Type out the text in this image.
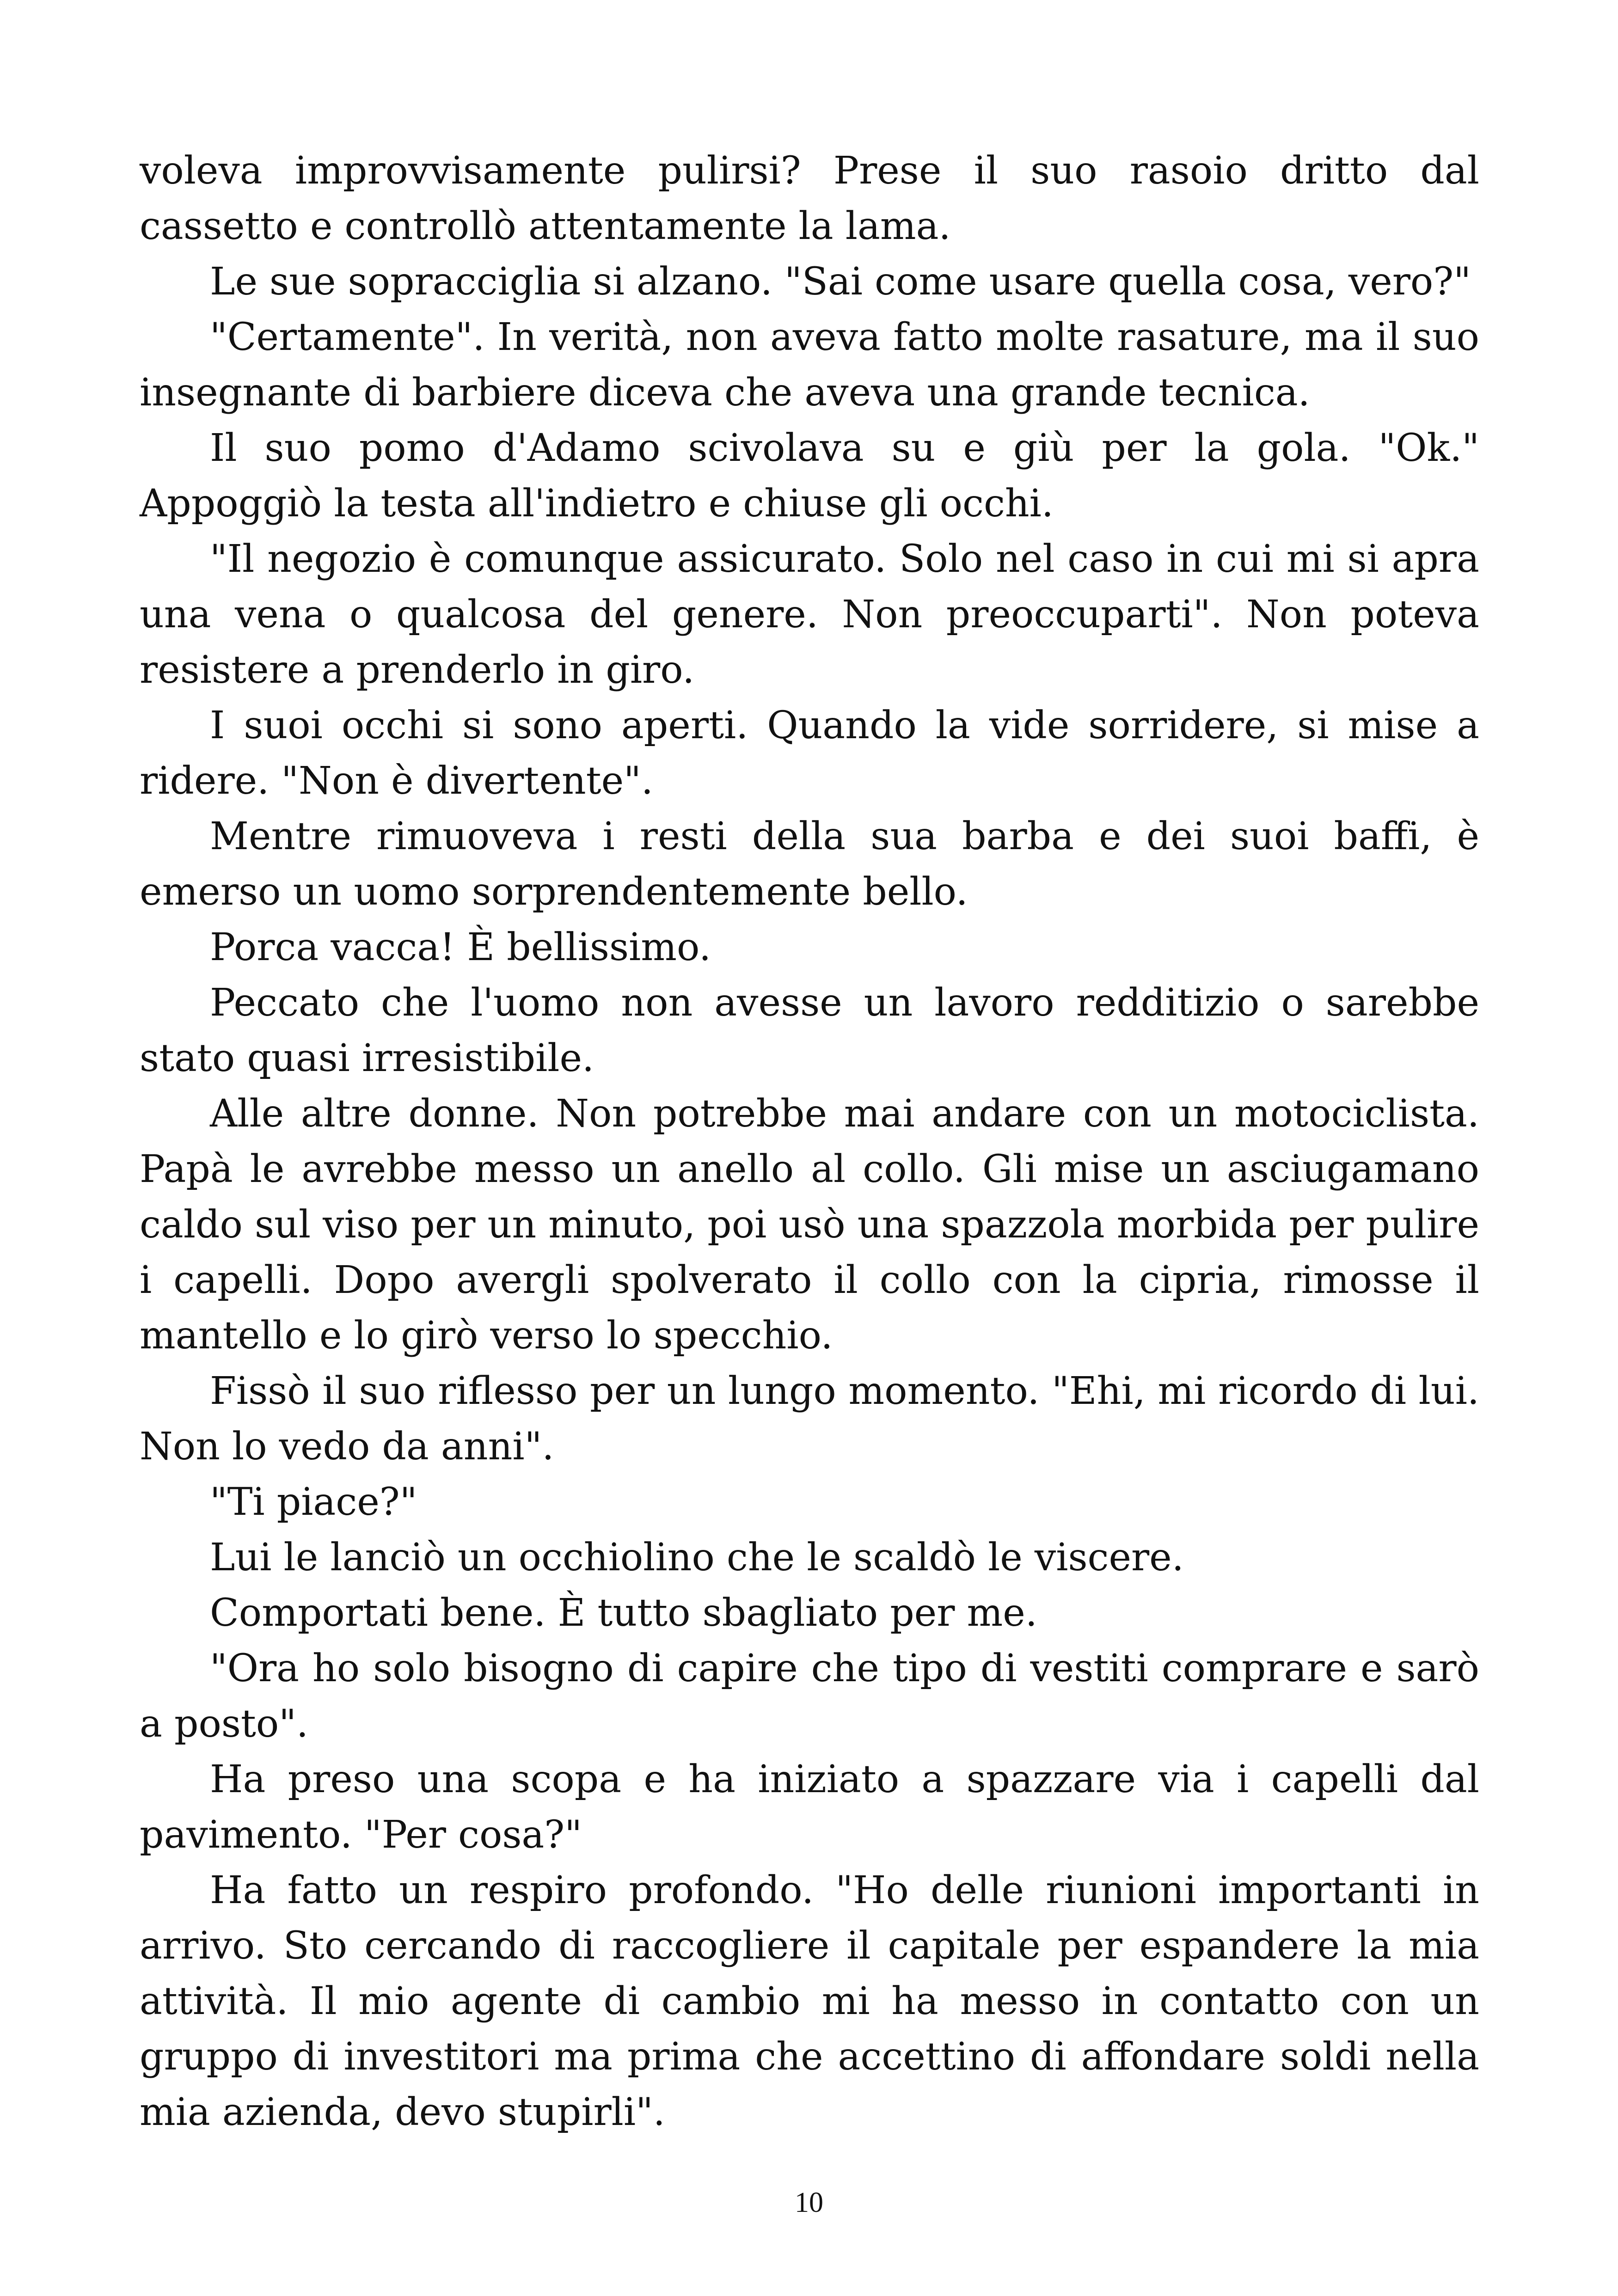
voleva improvvisamente pulirsi? Prese il suo rasoio dritto dal cassetto e controllò attentamente la lama.

Le sue sopracciglia si alzano. "Sai come usare quella cosa, vero?"

"Certamente". In verità, non aveva fatto molte rasature, ma il suo insegnante di barbiere diceva che aveva una grande tecnica.

Il suo pomo d'Adamo scivolava su e giù per la gola. "Ok." Appoggiò la testa all'indietro e chiuse gli occhi.

"Il negozio è comunque assicurato. Solo nel caso in cui mi si apra una vena o qualcosa del genere. Non preoccuparti". Non poteva resistere a prenderlo in giro.

I suoi occhi si sono aperti. Quando la vide sorridere, si mise a ridere. "Non è divertente".

Mentre rimuoveva i resti della sua barba e dei suoi baffi, è emerso un uomo sorprendentemente bello.

Porca vacca! È bellissimo.

Peccato che l'uomo non avesse un lavoro redditizio o sarebbe stato quasi irresistibile.

Alle altre donne. Non potrebbe mai andare con un motociclista. Papà le avrebbe messo un anello al collo. Gli mise un asciugamano caldo sul viso per un minuto, poi usò una spazzola morbida per pulire i capelli. Dopo avergli spolverato il collo con la cipria, rimosse il mantello e lo girò verso lo specchio.

Fissò il suo riflesso per un lungo momento. "Ehi, mi ricordo di lui. Non lo vedo da anni".

"Ti piace?"

Lui le lanciò un occhiolino che le scaldò le viscere.

Comportati bene. È tutto sbagliato per me.

"Ora ho solo bisogno di capire che tipo di vestiti comprare e sarò a posto".

Ha preso una scopa e ha iniziato a spazzare via i capelli dal pavimento. "Per cosa?"

Ha fatto un respiro profondo. "Ho delle riunioni importanti in arrivo. Sto cercando di raccogliere il capitale per espandere la mia attività. Il mio agente di cambio mi ha messo in contatto con un gruppo di investitori ma prima che accettino di affondare soldi nella mia azienda, devo stupirli".

10
